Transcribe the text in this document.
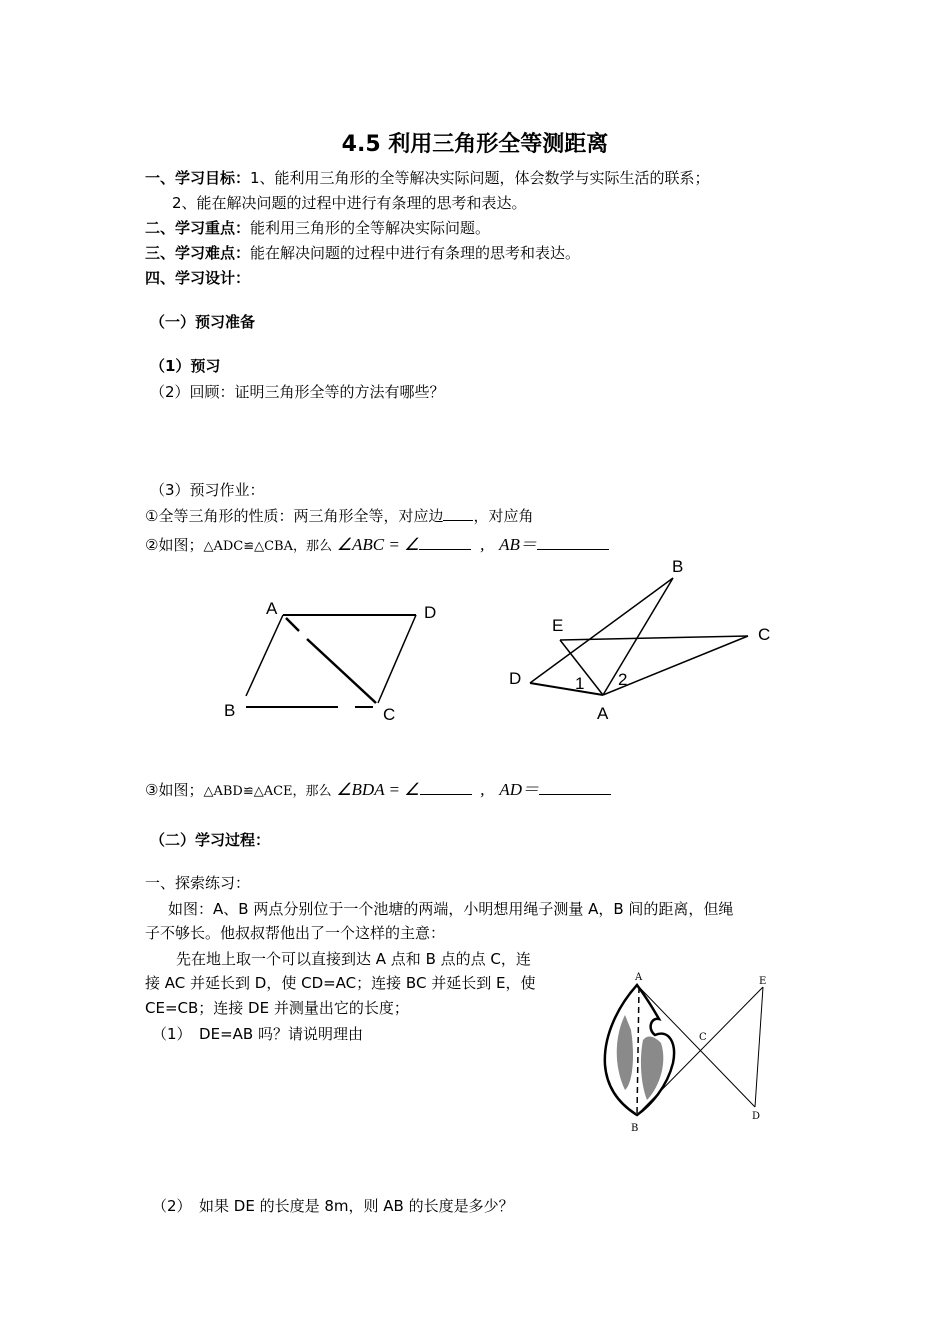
4.5 利用三角形全等测距离
一、学习目标：1、能利用三角形的全等解决实际问题，体会数学与实际生活的联系；
2、能在解决问题的过程中进行有条理的思考和表达。
二、学习重点：能利用三角形的全等解决实际问题。
三、学习难点：能在解决问题的过程中进行有条理的思考和表达。
四、学习设计：
（一）预习准备
（1）预习
（2）回顾：证明三角形全等的方法有哪些？
（3）预习作业：
①全等三角形的性质：两三角形全等，对应边 ，对应角
②如图；△ADC≌△CBA，那么 ∠ABC = ∠	, AB＝
A	D
B	C
B
C
E
D
A
1 2
③如图；△ABD≌△ACE，那么 ∠BDA = ∠	, AD＝
（二）学习过程：
一、探索练习：
如图：A、B 两点分别位于一个池塘的两端，小明想用绳子测量 A，B 间的距离，但绳
子不够长。他叔叔帮他出了一个这样的主意：
先在地上取一个可以直接到达 A 点和 B 点的点 C，连
接 AC 并延长到 D，使 CD=AC；连接 BC 并延长到 E，使
CE=CB；连接 DE 并测量出它的长度；
（1）　DE=AB 吗？请说明理由
A	E
C
B
D
（2）　如果 DE 的长度是 8m，则 AB 的长度是多少？
